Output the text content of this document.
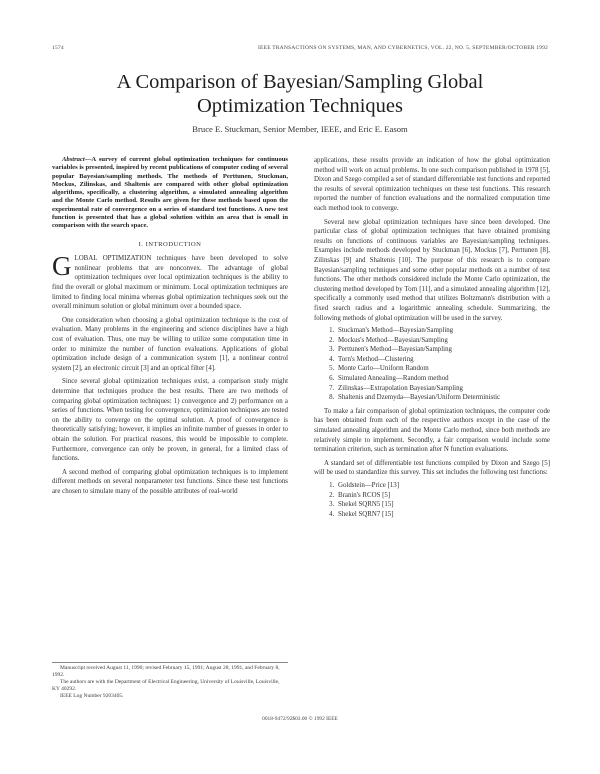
1574	IEEE TRANSACTIONS ON SYSTEMS, MAN, AND CYBERNETICS, VOL. 22, NO. 5, SEPTEMBER/OCTOBER 1992
A Comparison of Bayesian/Sampling Global
Optimization Techniques
Bruce E. Stuckman, Senior Member, IEEE, and Eric E. Easom

Abstract—A survey of current global optimization techniques for continuous variables is presented, inspired by recent publications of computer coding of several popular Bayesian/sampling methods. The methods of Perttunen, Stuckman, Mockus, Zilinskas, and Shaltenis are compared with other global optimization algorithms, specifically, a clustering algorithm, a simulated annealing algorithm and the Monte Carlo method. Results are given for these methods based upon the experimental rate of convergence on a series of standard test functions. A new test function is presented that has a global solution within an area that is small in comparison with the search space.

I. INTRODUCTION

GLOBAL OPTIMIZATION techniques have been developed to solve nonlinear problems that are nonconvex. The advantage of global optimization techniques over local optimization techniques is the ability to find the overall or global maximum or minimum. Local optimization techniques are limited to finding local minima whereas global optimization techniques seek out the overall minimum solution or global minimum over a bounded space.

One consideration when choosing a global optimization technique is the cost of evaluation. Many problems in the engineering and science disciplines have a high cost of evaluation. Thus, one may be willing to utilize some computation time in order to minimize the number of function evaluations. Applications of global optimization include design of a communication system [1], a nonlinear control system [2], an electronic circuit [3] and an optical filter [4].

Since several global optimization techniques exist, a comparison study might determine that techniques produce the best results. There are two methods of comparing global optimization techniques: 1) convergence and 2) performance on a series of functions. When testing for convergence, optimization techniques are tested on the ability to converge on the optimal solution. A proof of convergence is theoretically satisfying; however, it implies an infinite number of guesses in order to obtain the solution. For practical reasons, this would be impossible to complete. Furthermore, convergence can only be proven, in general, for a limited class of functions.

A second method of comparing global optimization techniques is to implement different methods on several nonparameter test functions. Since these test functions are chosen to simulate many of the possible attributes of real-world

Manuscript received August 11, 1990; revised February 15, 1991; August 28, 1991, and February 8, 1992.

The authors are with the Department of Electrical Engineering, University of Louisville, Louisville, KY 40292.

IEEE Log Number 9203405.

applications, these results provide an indication of how the global optimization method will work on actual problems. In one such comparison published in 1978 [5], Dixon and Szego compiled a set of standard differentiable test functions and reported the results of several optimization techniques on these test functions. This research reported the number of function evaluations and the normalized computation time each method took to converge.

Several new global optimization techniques have since been developed. One particular class of global optimization techniques that have obtained promising results on functions of continuous variables are Bayesian/sampling techniques. Examples include methods developed by Stuckman [6], Mockus [7], Perttunen [8], Zilinskas [9] and Shaltenis [10]. The purpose of this research is to compare Bayesian/sampling techniques and some other popular methods on a number of test functions. The other methods considered include the Monte Carlo optimization, the clustering method developed by Torn [11], and a simulated annealing algorithm [12], specifically a commonly used method that utilizes Boltzmann's distribution with a fixed search radius and a logarithmic annealing schedule. Summarizing, the following methods of global optimization will be used in the survey.

1. Stuckman's Method—Bayesian/Sampling
2. Mockus's Method—Bayesian/Sampling
3. Perttunen's Method—Bayesian/Sampling
4. Torn's Method—Clustering
5. Monte Carlo—Uniform Random
6. Simulated Annealing—Random method
7. Zilinskas—Extrapolation Bayesian/Sampling
8. Shaltenis and Dzemyda—Bayesian/Uniform Deterministic

To make a fair comparison of global optimization techniques, the computer code has been obtained from each of the respective authors except in the case of the simulated annealing algorithm and the Monte Carlo method, since both methods are relatively simple to implement. Secondly, a fair comparison would include some termination criterion, such as termination after N function evaluations.

A standard set of differentiable test functions compiled by Dixon and Szego [5] will be used to standardize this survey. This set includes the following test functions:

1. Goldstein—Price [13]
2. Branin's RCOS [5]
3. Shekel SQRN5 [15]
4. Shekel SQRN7 [15]
0018-9472/92$03.00 © 1992 IEEE
